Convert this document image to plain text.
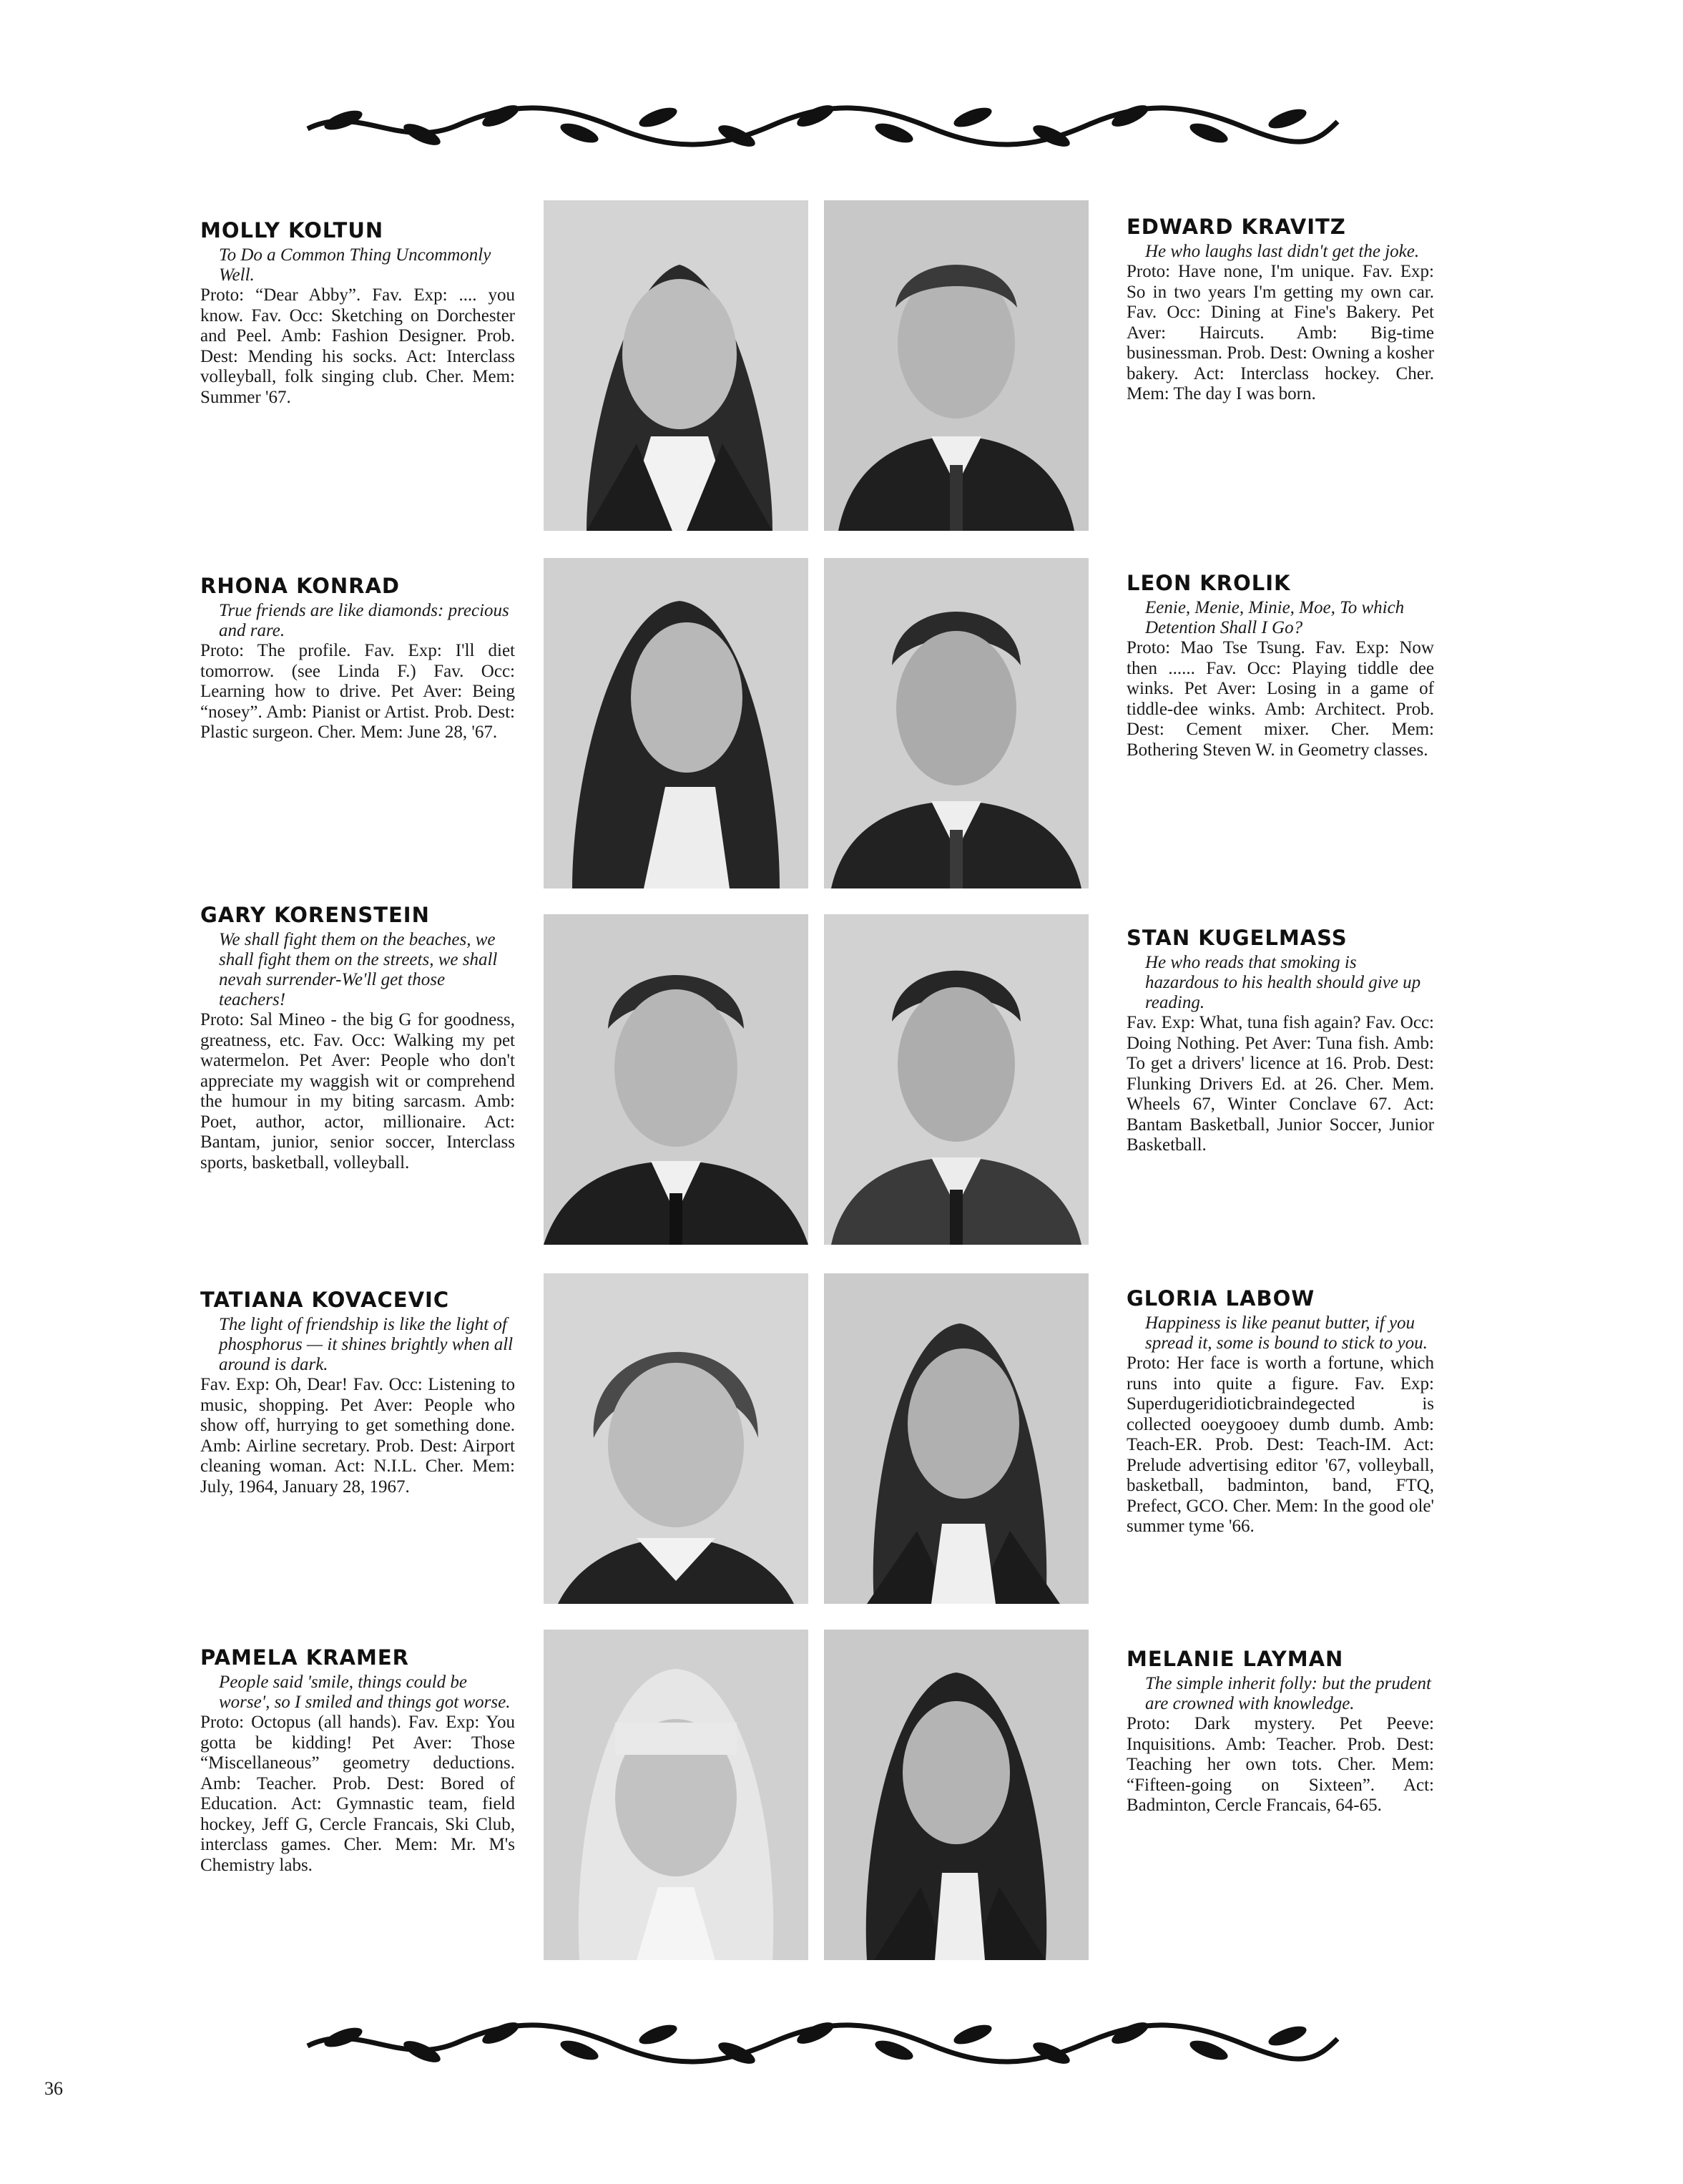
MOLLY KOLTUN

To Do a Common Thing Uncommonly Well.

Proto: “Dear Abby”. Fav. Exp: .... you know. Fav. Occ: Sketching on Dorchester and Peel. Amb: Fashion Designer. Prob. Dest: Mending his socks. Act: Interclass volleyball, folk singing club. Cher. Mem: Summer '67.

EDWARD KRAVITZ

He who laughs last didn't get the joke.

Proto: Have none, I'm unique. Fav. Exp: So in two years I'm getting my own car. Fav. Occ: Dining at Fine's Bakery. Pet Aver: Haircuts. Amb: Big-time businessman. Prob. Dest: Owning a kosher bakery. Act: Interclass hockey. Cher. Mem: The day I was born.

RHONA KONRAD

True friends are like diamonds: precious and rare.

Proto: The profile. Fav. Exp: I'll diet tomorrow. (see Linda F.) Fav. Occ: Learning how to drive. Pet Aver: Being “nosey”. Amb: Pianist or Artist. Prob. Dest: Plastic surgeon. Cher. Mem: June 28, '67.

LEON KROLIK

Eenie, Menie, Minie, Moe, To which Detention Shall I Go?

Proto: Mao Tse Tsung. Fav. Exp: Now then ...... Fav. Occ: Playing tiddle dee winks. Pet Aver: Losing in a game of tiddle-dee winks. Amb: Architect. Prob. Dest: Cement mixer. Cher. Mem: Bothering Steven W. in Geometry classes.

GARY KORENSTEIN

We shall fight them on the beaches, we shall fight them on the streets, we shall nevah surrender-We'll get those teachers!

Proto: Sal Mineo - the big G for goodness, greatness, etc. Fav. Occ: Walking my pet watermelon. Pet Aver: People who don't appreciate my waggish wit or comprehend the humour in my biting sarcasm. Amb: Poet, author, actor, millionaire. Act: Bantam, junior, senior soccer, Interclass sports, basketball, volleyball.

STAN KUGELMASS

He who reads that smoking is hazardous to his health should give up reading.

Fav. Exp: What, tuna fish again? Fav. Occ: Doing Nothing. Pet Aver: Tuna fish. Amb: To get a drivers' licence at 16. Prob. Dest: Flunking Drivers Ed. at 26. Cher. Mem. Wheels 67, Winter Conclave 67. Act: Bantam Basketball, Junior Soccer, Junior Basketball.

TATIANA KOVACEVIC

The light of friendship is like the light of phosphorus — it shines brightly when all around is dark.

Fav. Exp: Oh, Dear! Fav. Occ: Listening to music, shopping. Pet Aver: People who show off, hurrying to get something done. Amb: Airline secretary. Prob. Dest: Airport cleaning woman. Act: N.I.L. Cher. Mem: July, 1964, January 28, 1967.

GLORIA LABOW

Happiness is like peanut butter, if you spread it, some is bound to stick to you.

Proto: Her face is worth a fortune, which runs into quite a figure. Fav. Exp: Superdugeridioticbraindegected is collected ooeygooey dumb dumb. Amb: Teach-ER. Prob. Dest: Teach-IM. Act: Prelude advertising editor '67, volleyball, basketball, badminton, band, FTQ, Prefect, GCO. Cher. Mem: In the good ole' summer tyme '66.

PAMELA KRAMER

People said 'smile, things could be worse', so I smiled and things got worse.

Proto: Octopus (all hands). Fav. Exp: You gotta be kidding! Pet Aver: Those “Miscellaneous” geometry deductions. Amb: Teacher. Prob. Dest: Bored of Education. Act: Gymnastic team, field hockey, Jeff G, Cercle Francais, Ski Club, interclass games. Cher. Mem: Mr. M's Chemistry labs.

MELANIE LAYMAN

The simple inherit folly: but the prudent are crowned with knowledge.

Proto: Dark mystery. Pet Peeve: Inquisitions. Amb: Teacher. Prob. Dest: Teaching her own tots. Cher. Mem: “Fifteen-going on Sixteen”. Act: Badminton, Cercle Francais, 64-65.

36
